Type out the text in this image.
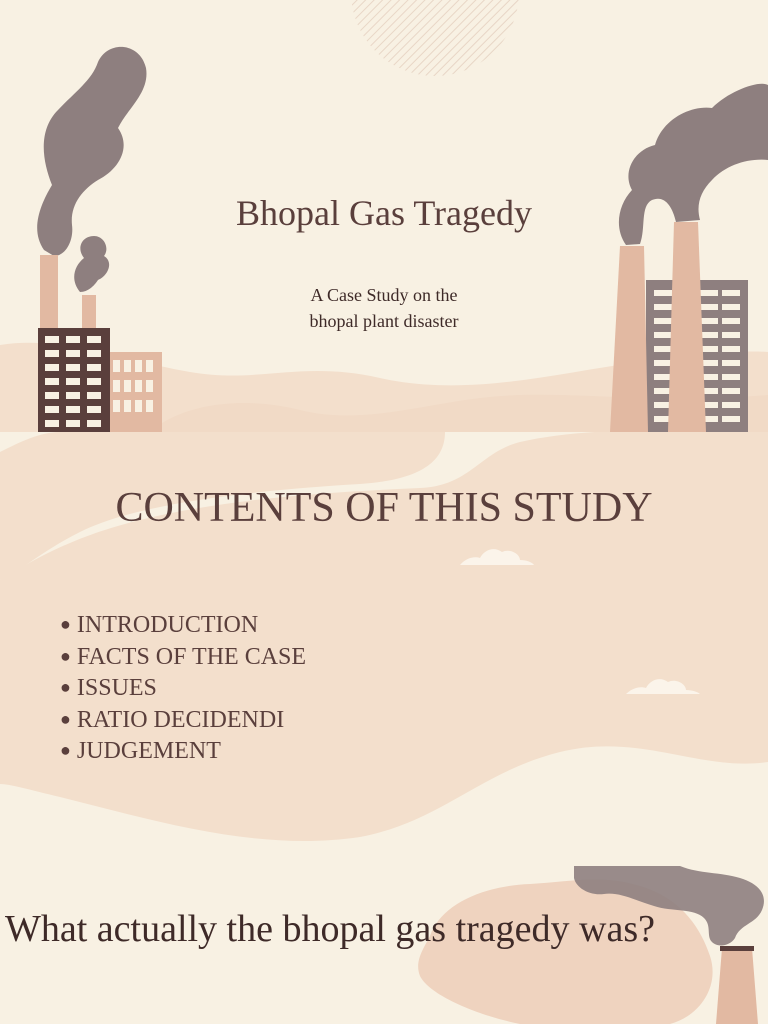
Bhopal Gas Tragedy
A Case Study on the
bhopal plant disaster
CONTENTS OF THIS STUDY
● INTRODUCTION
● FACTS OF THE CASE
● ISSUES
● RATIO DECIDENDI
● JUDGEMENT
What actually the bhopal gas tragedy was?
